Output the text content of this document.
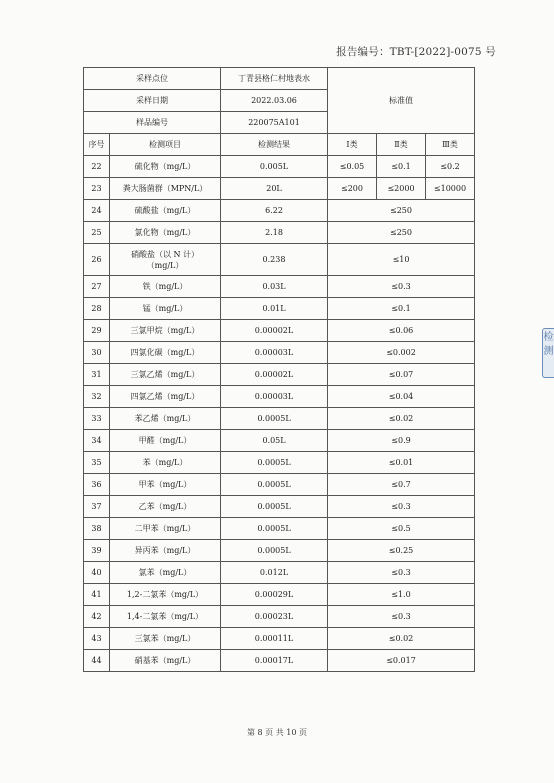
报告编号：TBT-[2022]-0075 号
采样点位		丁青县格仁村地表水	标准值		
采样日期		2022.03.06			
样品编号		220075A101			
序号	检测项目	检测结果	Ⅰ类	Ⅱ类	Ⅲ类
22	硫化物（mg/L）	0.005L	≤0.05	≤0.1	≤0.2
23	粪大肠菌群（MPN/L）	20L	≤200	≤2000	≤10000
24	硫酸盐（mg/L）	6.22	≤250		
25	氯化物（mg/L）	2.18	≤250		
26	硝酸盐（以 N 计）
（mg/L）	0.238	≤10		
27	铁（mg/L）	0.03L	≤0.3		
28	锰（mg/L）	0.01L	≤0.1		
29	三氯甲烷（mg/L）	0.00002L	≤0.06		
30	四氯化碳（mg/L）	0.00003L	≤0.002		
31	三氯乙烯（mg/L）	0.00002L	≤0.07		
32	四氯乙烯（mg/L）	0.00003L	≤0.04		
33	苯乙烯（mg/L）	0.0005L	≤0.02		
34	甲醛（mg/L）	0.05L	≤0.9		
35	苯（mg/L）	0.0005L	≤0.01		
36	甲苯（mg/L）	0.0005L	≤0.7		
37	乙苯（mg/L）	0.0005L	≤0.3		
38	二甲苯（mg/L）	0.0005L	≤0.5		
39	异丙苯（mg/L）	0.0005L	≤0.25		
40	氯苯（mg/L）	0.012L	≤0.3		
41	1,2-二氯苯（mg/L）	0.00029L	≤1.0		
42	1,4-二氯苯（mg/L）	0.00023L	≤0.3		
43	三氯苯（mg/L）	0.00011L	≤0.02		
44	硝基苯（mg/L）	0.00017L	≤0.017		
第 8 页 共 10 页
检测
